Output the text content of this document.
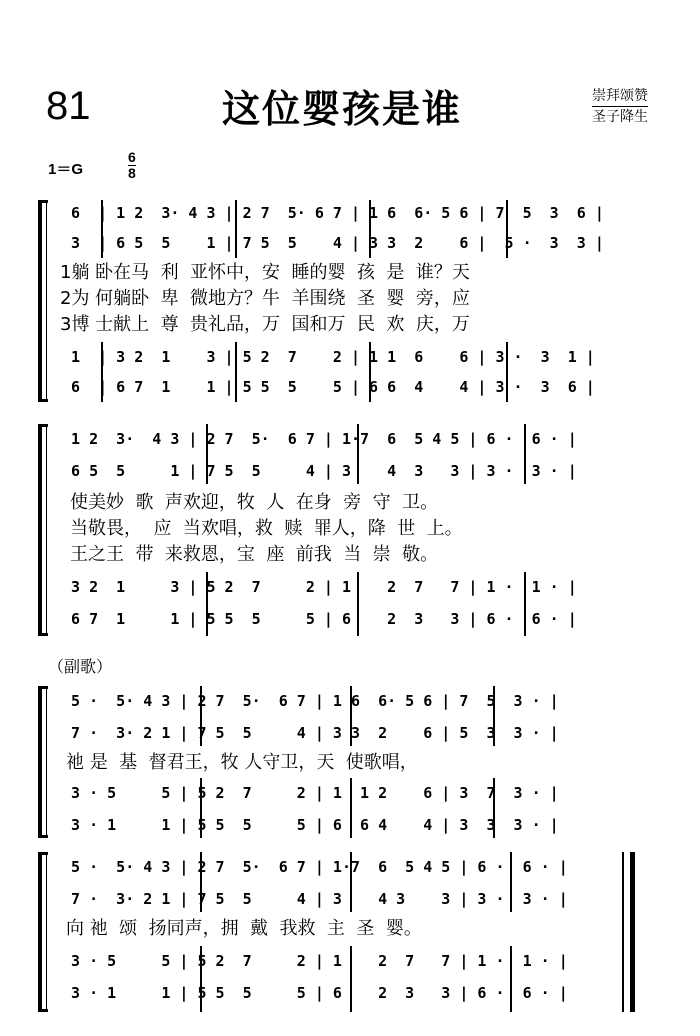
81	这位婴孩是谁	崇拜颂赞
圣子降生
1＝G
6
8
6  | 1 2  3· 4 3 | 2 7  5· 6 7 | 1 6  6· 5 6 | 7  5  3  6 |
3  | 6 5  5    1 | 7 5  5    4 | 3 3  2    6 |  5 ·  3  3 |
1躺 卧在马  利  亚怀中，安  睡的婴  孩  是  谁？天
2为 何躺卧  卑  微地方？牛  羊围绕  圣  婴  旁，应
3博 士献上  尊  贵礼品，万  国和万  民  欢  庆，万
1  | 3 2  1    3 | 5 2  7    2 | 1 1  6    6 | 3 ·  3  1 |
6  | 6 7  1    1 | 5 5  5    5 | 6 6  4    4 | 3 ·  3  6 |
1 2  3·  4 3 | 2 7  5·  6 7 | 1·7  6  5 4 5 | 6 ·  6 · |
6 5  5     1 | 7 5  5     4 | 3    4  3   3 | 3 ·  3 · |
使美妙  歌  声欢迎，牧  人  在身  旁  守  卫。
当敬畏，  应  当欢唱，救  赎  罪人，降  世  上。
王之王  带  来救恩，宝  座  前我  当  崇  敬。
3 2  1     3 | 5 2  7     2 | 1    2  7   7 | 1 ·  1 · |
6 7  1     1 | 5 5  5     5 | 6    2  3   3 | 6 ·  6 · |
（副歌）
5 ·  5· 4 3 | 2 7  5·  6 7 | 1 6  6· 5 6 | 7  5  3 · |
7 ·  3· 2 1 | 7 5  5     4 | 3 3  2    6 | 5  3  3 · |
祂 是  基  督君王，牧 人守卫，天  使歌唱，
3 · 5     5 | 5 2  7     2 | 1  1 2    6 | 3  7  3 · |
3 · 1     1 | 5 5  5     5 | 6  6 4    4 | 3  3  3 · |
5 ·  5· 4 3 | 2 7  5·  6 7 | 1·7  6  5 4 5 | 6 ·  6 · |
7 ·  3· 2 1 | 7 5  5     4 | 3    4 3    3 | 3 ·  3 · |
向 祂  颂  扬同声，拥  戴  我救  主  圣  婴。
3 · 5     5 | 5 2  7     2 | 1    2  7   7 | 1 ·  1 · |
3 · 1     1 | 5 5  5     5 | 6    2  3   3 | 6 ·  6 · |
